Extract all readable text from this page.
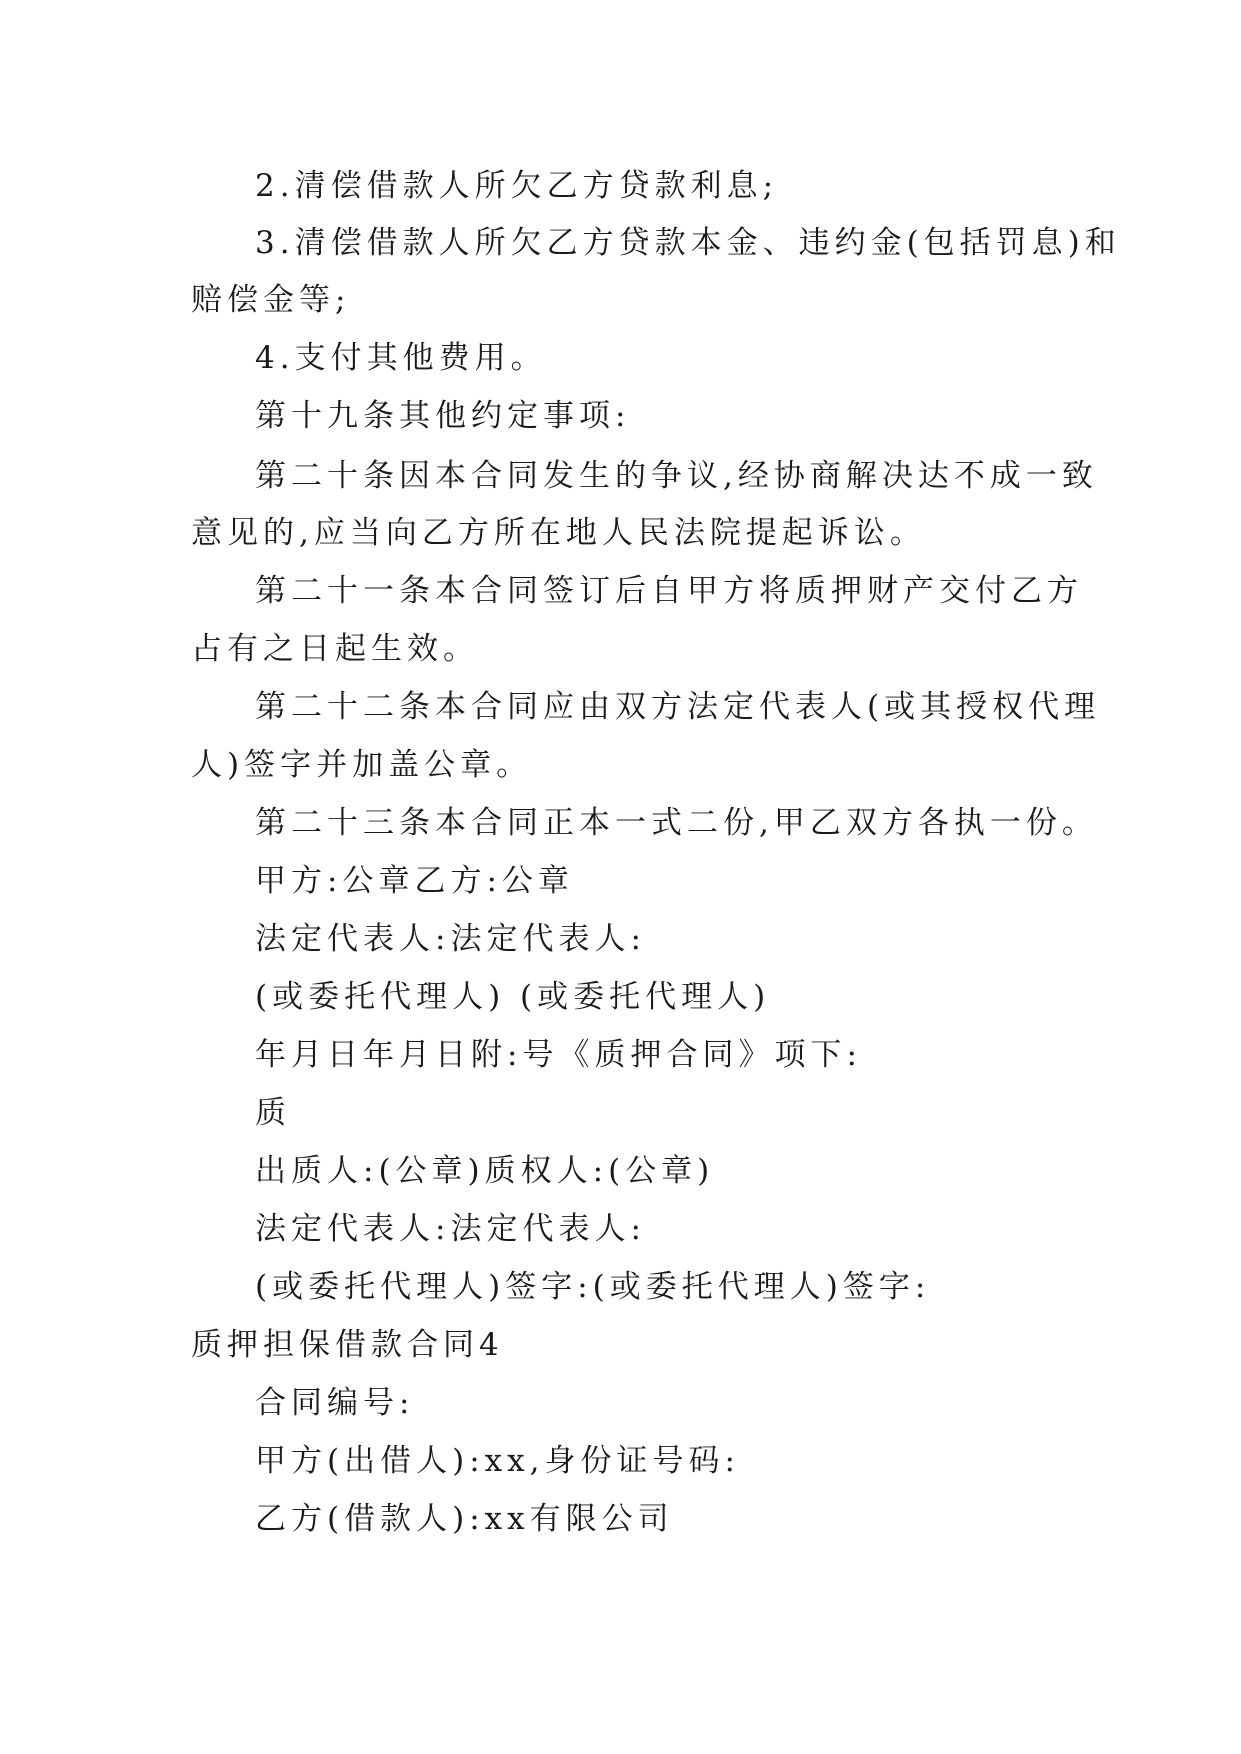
2.清偿借款人所欠乙方贷款利息;
3.清偿借款人所欠乙方贷款本金、违约金(包括罚息)和
赔偿金等;
4.支付其他费用。
第十九条其他约定事项:
第二十条因本合同发生的争议,经协商解决达不成一致
意见的,应当向乙方所在地人民法院提起诉讼。
第二十一条本合同签订后自甲方将质押财产交付乙方
占有之日起生效。
第二十二条本合同应由双方法定代表人(或其授权代理
人)签字并加盖公章。
第二十三条本合同正本一式二份,甲乙双方各执一份。
甲方:公章乙方:公章
法定代表人:法定代表人:
(或委托代理人) (或委托代理人)
年月日年月日附:号《质押合同》项下:
质
出质人:(公章)质权人:(公章)
法定代表人:法定代表人:
(或委托代理人)签字:(或委托代理人)签字:
质押担保借款合同4
合同编号:
甲方(出借人):xx,身份证号码:
乙方(借款人):xx有限公司
